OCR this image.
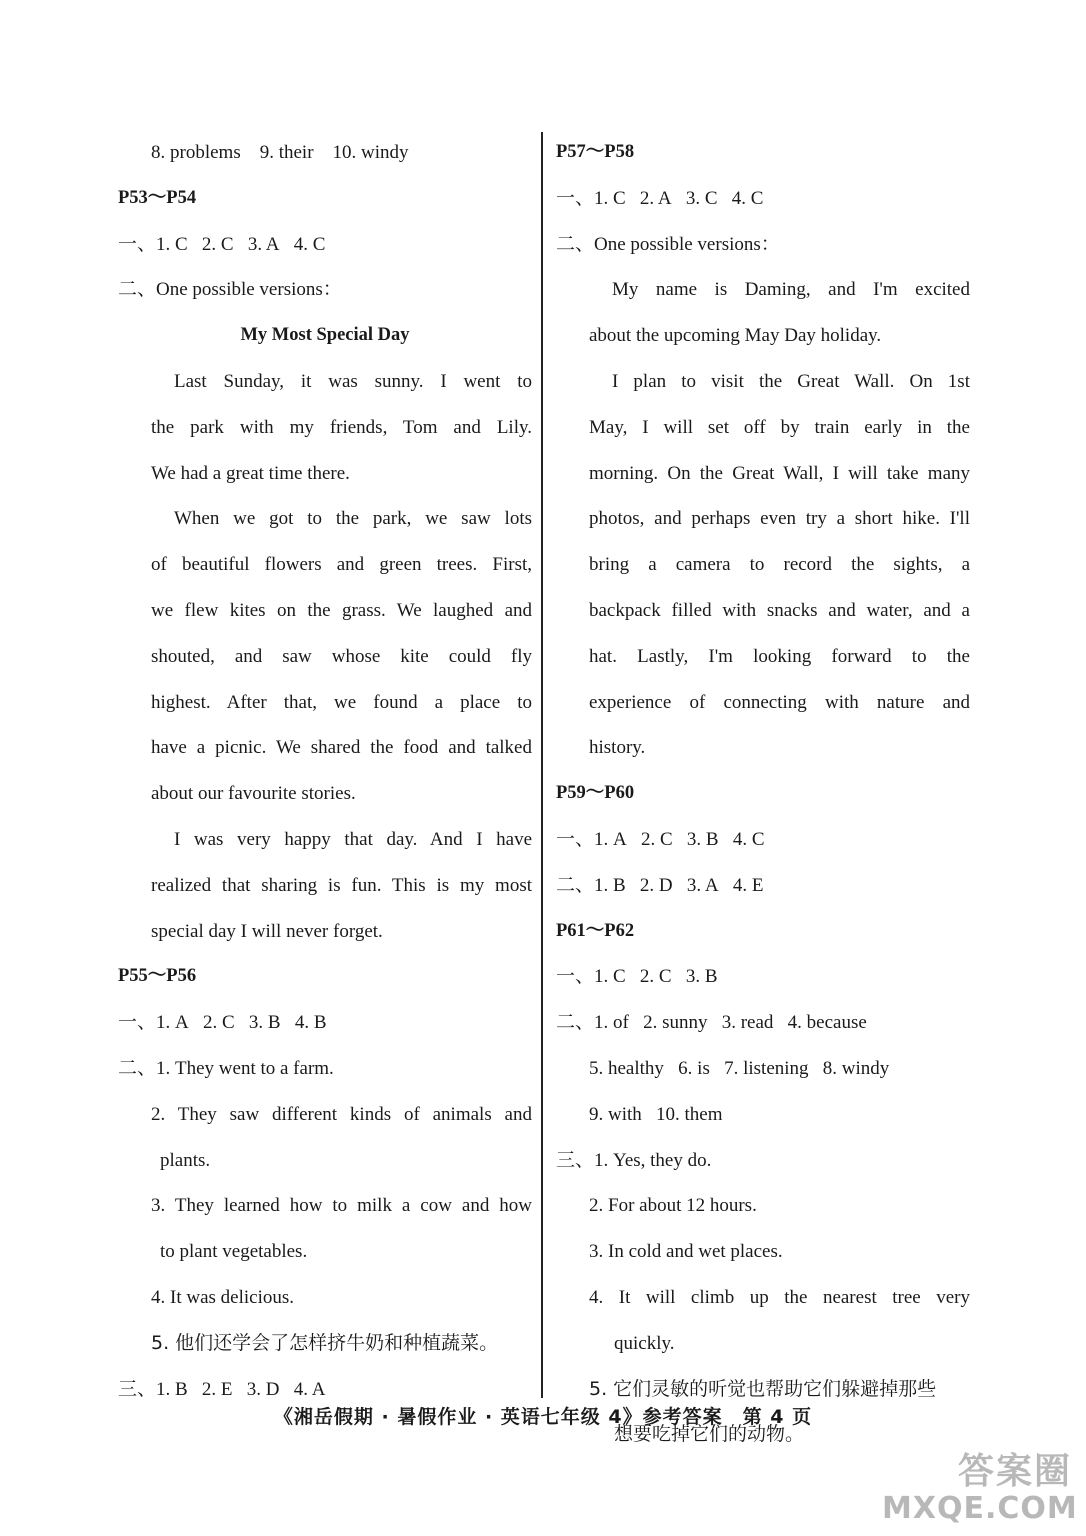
8. problems    9. their    10. windy
P53～P54
一、1. C   2. C   3. A   4. C
二、One possible versions：
My Most Special Day
Last Sunday, it was sunny. I went to
the park with my friends, Tom and Lily.
We had a great time there.
When we got to the park, we saw lots
of beautiful flowers and green trees. First,
we flew kites on the grass. We laughed and
shouted, and saw whose kite could fly
highest. After that, we found a place to
have a picnic. We shared the food and talked
about our favourite stories.
I was very happy that day. And I have
realized that sharing is fun. This is my most
special day I will never forget.
P55～P56
一、1. A   2. C   3. B   4. B
二、1. They went to a farm.
2. They saw different kinds of animals and
plants.
3. They learned how to milk a cow and how
to plant vegetables.
4. It was delicious.
5. 他们还学会了怎样挤牛奶和种植蔬菜。
三、1. B   2. E   3. D   4. A
P57～P58
一、1. C   2. A   3. C   4. C
二、One possible versions：
My name is Daming, and I'm excited
about the upcoming May Day holiday.
I plan to visit the Great Wall. On 1st
May, I will set off by train early in the
morning. On the Great Wall, I will take many
photos, and perhaps even try a short hike. I'll
bring a camera to record the sights, a
backpack filled with snacks and water, and a
hat. Lastly, I'm looking forward to the
experience of connecting with nature and
history.
P59～P60
一、1. A   2. C   3. B   4. C
二、1. B   2. D   3. A   4. E
P61～P62
一、1. C   2. C   3. B
二、1. of   2. sunny   3. read   4. because
5. healthy   6. is   7. listening   8. windy
9. with   10. them
三、1. Yes, they do.
2. For about 12 hours.
3. In cold and wet places.
4. It will climb up the nearest tree very
quickly.
5. 它们灵敏的听觉也帮助它们躲避掉那些
想要吃掉它们的动物。
《湘岳假期 · 暑假作业 · 英语七年级 4》参考答案　第 4 页
答案圈
MXQE.COM
